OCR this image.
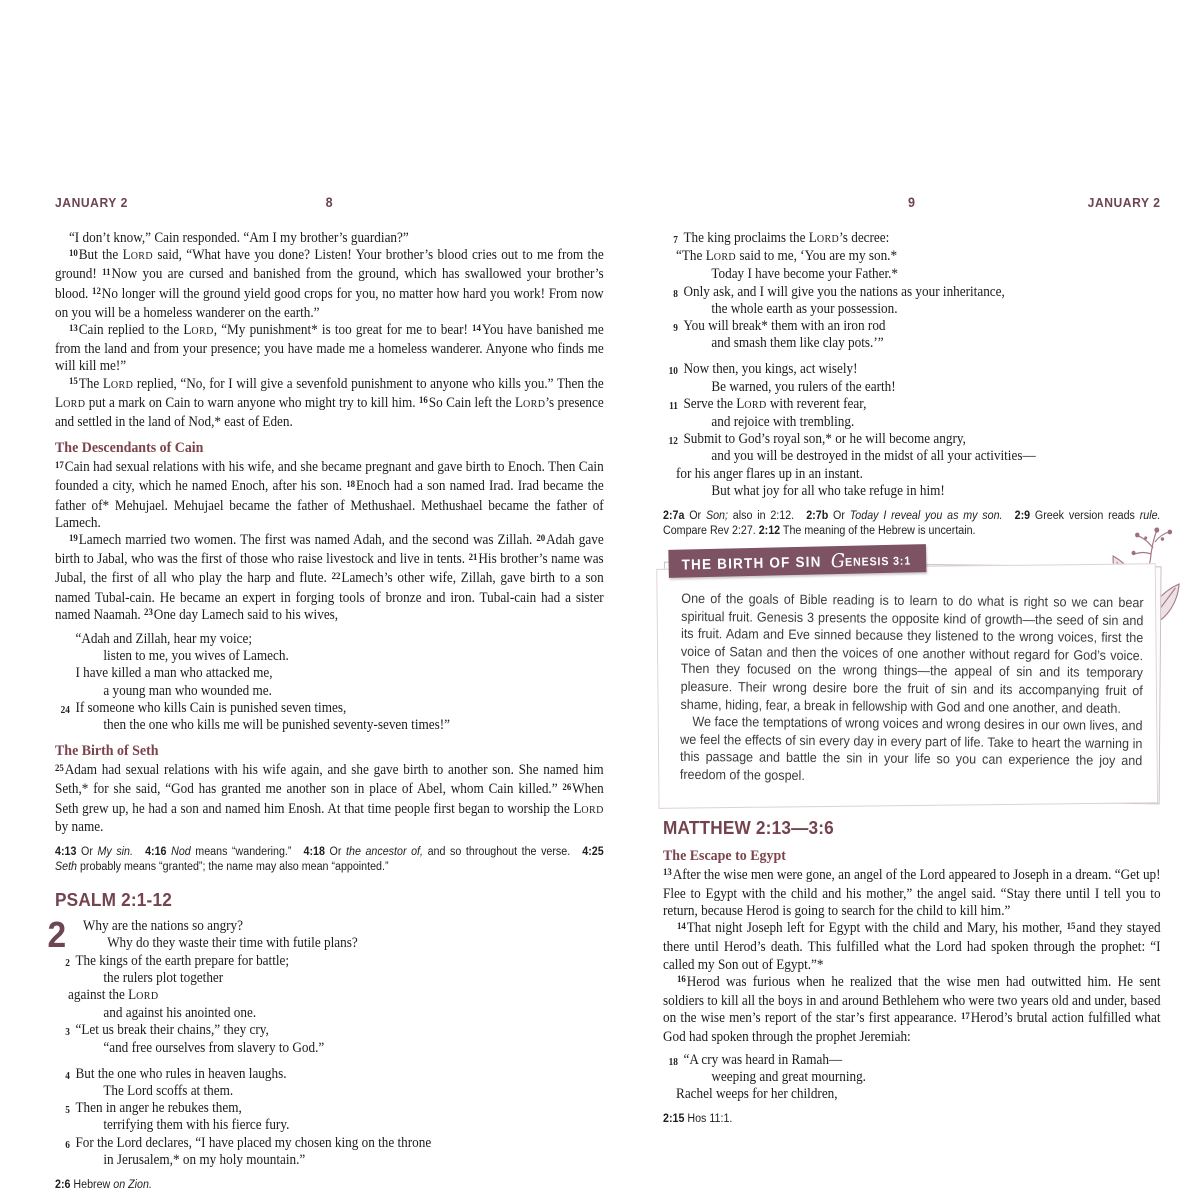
JANUARY 2	8
“I don’t know,” Cain responded. “Am I my brother’s guardian?”
$^{10}$But the LORD said, “What have you done? Listen! Your brother’s blood cries out to me from the ground! $^{11}$Now you are cursed and banished from the ground, which has swallowed your brother’s blood. $^{12}$No longer will the ground yield good crops for you, no matter how hard you work! From now on you will be a homeless wanderer on the earth.”
$^{13}$Cain replied to the LORD, “My punishment* is too great for me to bear! $^{14}$You have banished me from the land and from your presence; you have made me a homeless wanderer. Anyone who finds me will kill me!”
$^{15}$The LORD replied, “No, for I will give a sevenfold punishment to anyone who kills you.” Then the LORD put a mark on Cain to warn anyone who might try to kill him. $^{16}$So Cain left the LORD’s presence and settled in the land of Nod,* east of Eden.
The Descendants of Cain
$^{17}$Cain had sexual relations with his wife, and she became pregnant and gave birth to Enoch. Then Cain founded a city, which he named Enoch, after his son. $^{18}$Enoch had a son named Irad. Irad became the father of* Mehujael. Mehujael became the father of Methushael. Methushael became the father of Lamech.
$^{19}$Lamech married two women. The first was named Adah, and the second was Zillah. $^{20}$Adah gave birth to Jabal, who was the first of those who raise livestock and live in tents. $^{21}$His brother’s name was Jubal, the first of all who play the harp and flute. $^{22}$Lamech’s other wife, Zillah, gave birth to a son named Tubal-cain. He became an expert in forging tools of bronze and iron. Tubal-cain had a sister named Naamah. $^{23}$One day Lamech said to his wives,
“Adah and Zillah, hear my voice;
listen to me, you wives of Lamech.
I have killed a man who attacked me,
a young man who wounded me.
24 If someone who kills Cain is punished seven times,
then the one who kills me will be punished seventy-seven times!”
The Birth of Seth
$^{25}$Adam had sexual relations with his wife again, and she gave birth to another son. She named him Seth,* for she said, “God has granted me another son in place of Abel, whom Cain killed.” $^{26}$When Seth grew up, he had a son and named him Enosh. At that time people first began to worship the LORD by name.
4:13 Or My sin. 4:16 Nod means “wandering.” 4:18 Or the ancestor of, and so throughout the verse. 4:25 Seth probably means “granted”; the name may also mean “appointed.”
PSALM 2:1-12
2	Why are the nations so angry?
Why do they waste their time with futile plans?
2 The kings of the earth prepare for battle;
the rulers plot together
against the LORD
and against his anointed one.
3 “Let us break their chains,” they cry,
“and free ourselves from slavery to God.”
4 But the one who rules in heaven laughs.
The Lord scoffs at them.
5 Then in anger he rebukes them,
terrifying them with his fierce fury.
6 For the Lord declares, “I have placed my chosen king on the throne
in Jerusalem,* on my holy mountain.”
2:6 Hebrew on Zion.
9	JANUARY 2
7 The king proclaims the LORD’s decree:
“The LORD said to me, ‘You are my son.*
Today I have become your Father.*
8 Only ask, and I will give you the nations as your inheritance,
the whole earth as your possession.
9 You will break* them with an iron rod
and smash them like clay pots.’”
10 Now then, you kings, act wisely!
Be warned, you rulers of the earth!
11 Serve the LORD with reverent fear,
and rejoice with trembling.
12 Submit to God’s royal son,* or he will become angry,
and you will be destroyed in the midst of all your activities—
for his anger flares up in an instant.
But what joy for all who take refuge in him!
2:7a Or Son; also in 2:12. 2:7b Or Today I reveal you as my son. 2:9 Greek version reads rule. Compare Rev 2:27. 2:12 The meaning of the Hebrew is uncertain.
THE BIRTH OF SIN GENESIS 3:1

One of the goals of Bible reading is to learn to do what is right so we can bear spiritual fruit. Genesis 3 presents the opposite kind of growth—the seed of sin and its fruit. Adam and Eve sinned because they listened to the wrong voices, first the voice of Satan and then the voices of one another without regard for God’s voice. Then they focused on the wrong things—the appeal of sin and its temporary pleasure. Their wrong desire bore the fruit of sin and its accompanying fruit of shame, hiding, fear, a break in fellowship with God and one another, and death.

We face the temptations of wrong voices and wrong desires in our own lives, and we feel the effects of sin every day in every part of life. Take to heart the warning in this passage and battle the sin in your life so you can experience the joy and freedom of the gospel.

MATTHEW 2:13—3:6
The Escape to Egypt
$^{13}$After the wise men were gone, an angel of the Lord appeared to Joseph in a dream. “Get up! Flee to Egypt with the child and his mother,” the angel said. “Stay there until I tell you to return, because Herod is going to search for the child to kill him.”
$^{14}$That night Joseph left for Egypt with the child and Mary, his mother, $^{15}$and they stayed there until Herod’s death. This fulfilled what the Lord had spoken through the prophet: “I called my Son out of Egypt.”*
$^{16}$Herod was furious when he realized that the wise men had outwitted him. He sent soldiers to kill all the boys in and around Bethlehem who were two years old and under, based on the wise men’s report of the star’s first appearance. $^{17}$Herod’s brutal action fulfilled what God had spoken through the prophet Jeremiah:
18 “A cry was heard in Ramah—
weeping and great mourning.
Rachel weeps for her children,
2:15 Hos 11:1.
